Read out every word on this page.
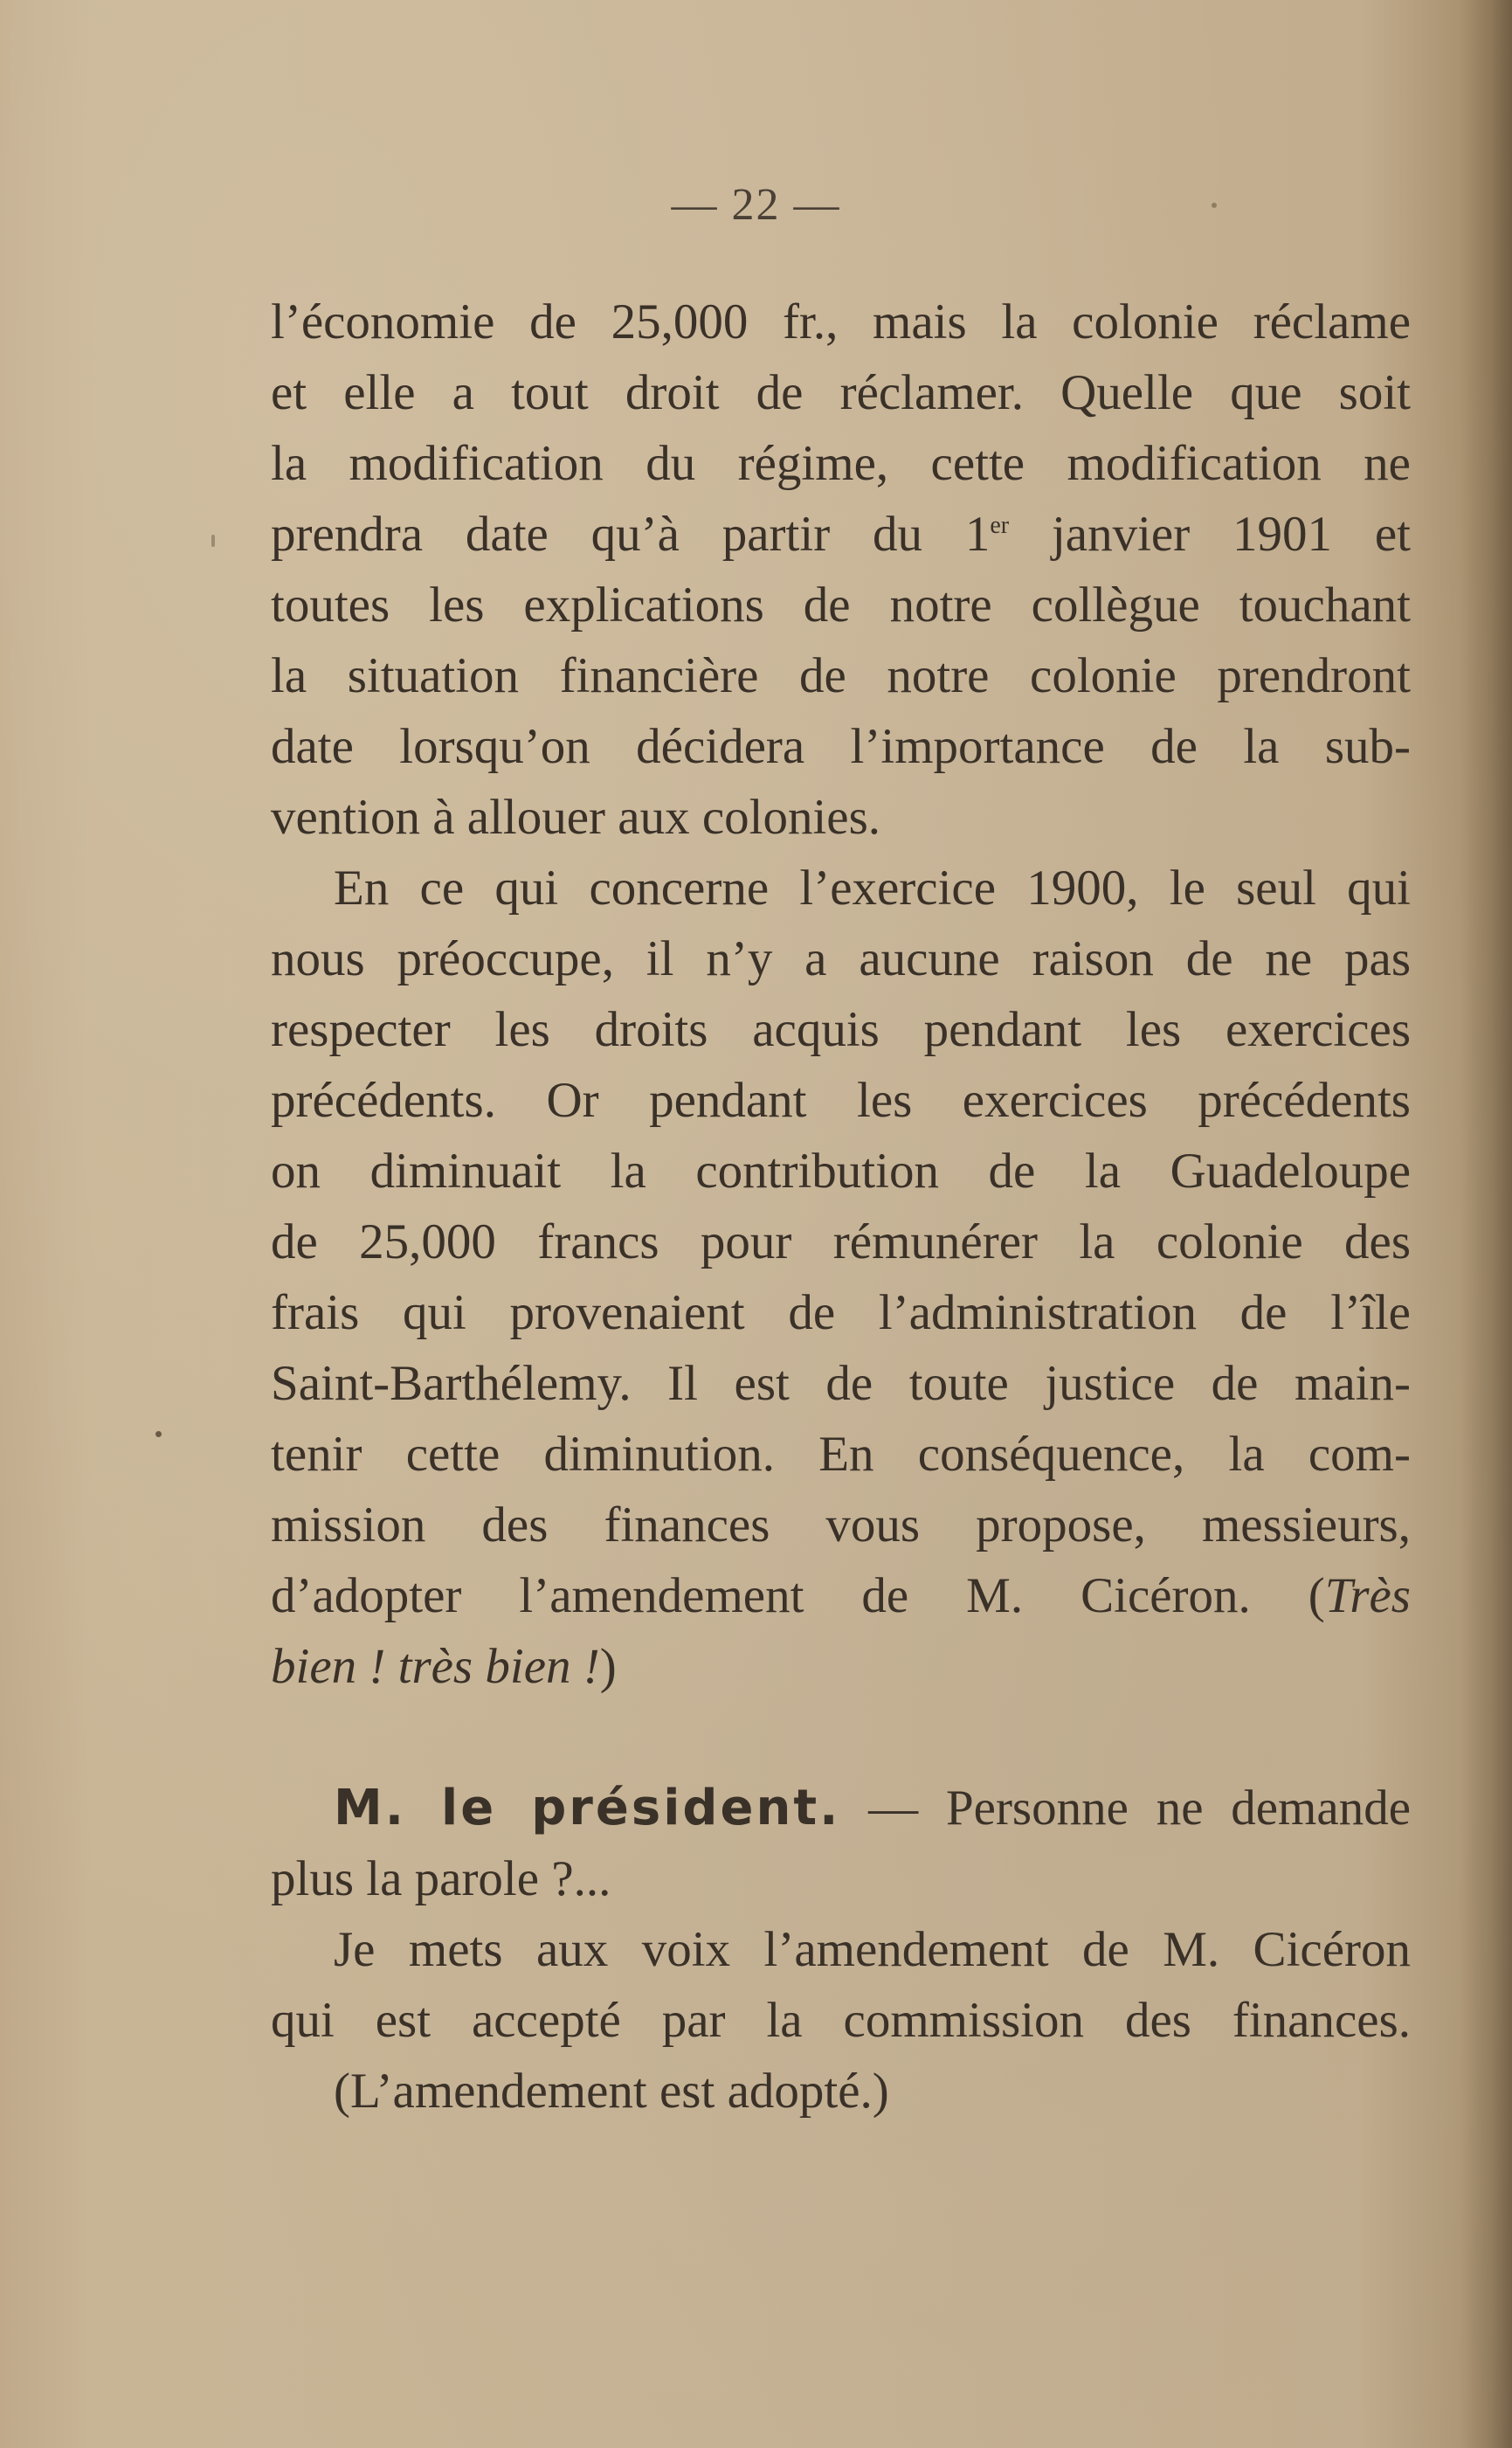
— 22 —
l’économie de 25,000 fr., mais la colonie réclame
et elle a tout droit de réclamer. Quelle que soit
la modification du régime, cette modification ne
prendra date qu’à partir du 1er janvier 1901 et
toutes les explications de notre collègue touchant
la situation financière de notre colonie prendront
date lorsqu’on décidera l’importance de la sub-
vention à allouer aux colonies.
En ce qui concerne l’exercice 1900, le seul qui
nous préoccupe, il n’y a aucune raison de ne pas
respecter les droits acquis pendant les exercices
précédents. Or pendant les exercices précédents
on diminuait la contribution de la Guadeloupe
de 25,000 francs pour rémunérer la colonie des
frais qui provenaient de l’administration de l’île
Saint-Barthélemy. Il est de toute justice de main-
tenir cette diminution. En conséquence, la com-
mission des finances vous propose, messieurs,
d’adopter l’amendement de M. Cicéron. (Très
bien ! très bien !)
M. le président. — Personne ne demande
plus la parole ?...
Je mets aux voix l’amendement de M. Cicéron
qui est accepté par la commission des finances.
(L’amendement est adopté.)
